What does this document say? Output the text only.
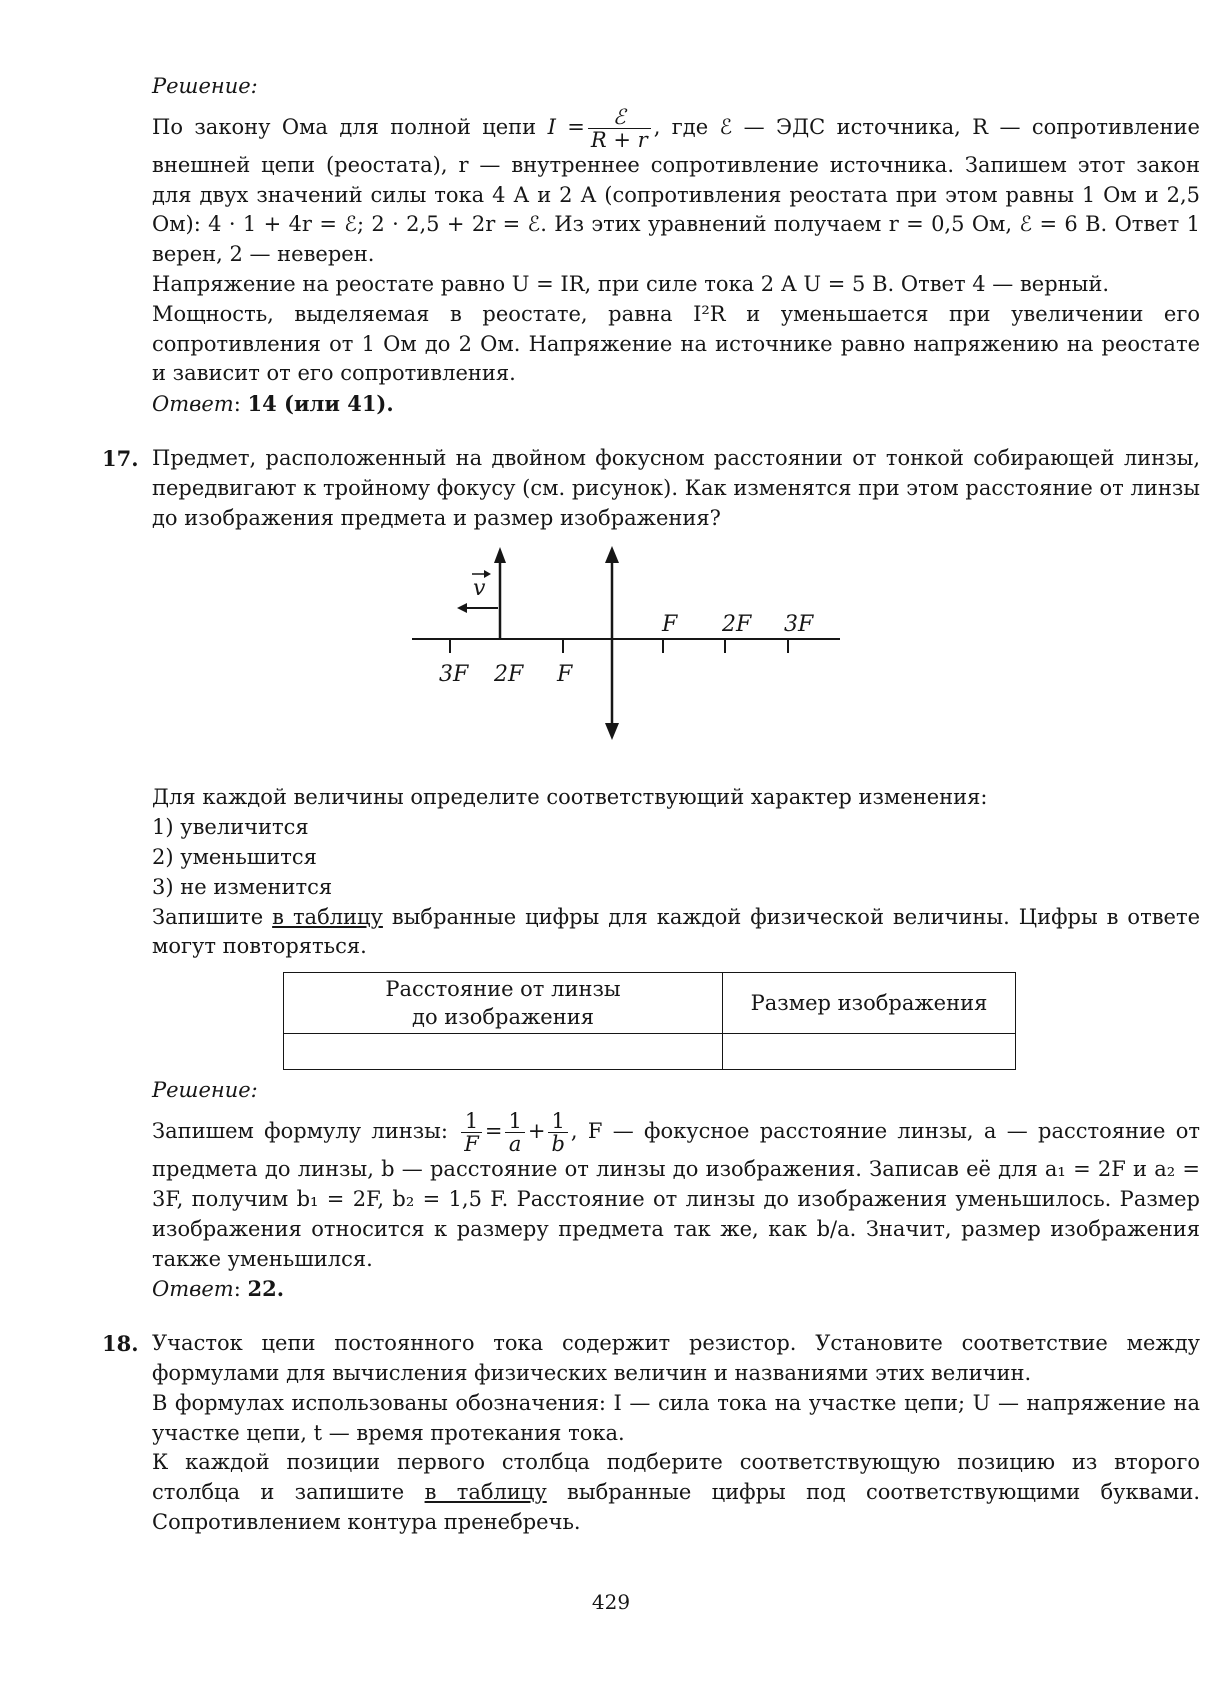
Решение:

По закону Ома для полной цепи I =	ℰ
R + r
, где ℰ — ЭДС источника, R — сопротивление внешней цепи (реостата), r — внутреннее сопротивление источника. Запишем этот закон для двух значений силы тока 4 А и 2 А (сопротивления реостата при этом равны 1 Ом и 2,5 Ом): 4 · 1 + 4r = ℰ; 2 · 2,5 + 2r = ℰ. Из этих уравнений получаем r = 0,5 Ом, ℰ = 6 В. Ответ 1 верен, 2 — неверен.

Напряжение на реостате равно U = IR, при силе тока 2 А U = 5 В. Ответ 4 — верный.

Мощность, выделяемая в реостате, равна I²R и уменьшается при увеличении его сопротивления от 1 Ом до 2 Ом. Напряжение на источнике равно напряжению на реостате и зависит от его сопротивления.

Ответ: 14 (или 41).

17. Предмет, расположенный на двойном фокусном расстоянии от тонкой собирающей линзы, передвигают к тройному фокусу (см. рисунок). Как изменятся при этом расстояние от линзы до изображения предмета и размер изображения?

v
F 2F 3F
3F 2F F

Для каждой величины определите соответствующий характер изменения:

1) увеличится
2) уменьшится
3) не изменится

Запишите в таблицу выбранные цифры для каждой физической величины. Цифры в ответе могут повторяться.

Расстояние от линзы
до изображения	Размер изображения

Решение:

Запишем формулу линзы: $\frac{1}{F} = \frac{1}{a} + \frac{1}{b}$ , F — фокусное расстояние линзы, a — расстояние от предмета до линзы, b — расстояние от линзы до изображения. Записав её для a₁ = 2F и a₂ = 3F, получим b₁ = 2F, b₂ = 1,5 F. Расстояние от линзы до изображения уменьшилось. Размер изображения относится к размеру предмета так же, как b/a. Значит, размер изображения также уменьшился.

Ответ: 22.

18. Участок цепи постоянного тока содержит резистор. Установите соответствие между формулами для вычисления физических величин и названиями этих величин.

В формулах использованы обозначения: I — сила тока на участке цепи; U — напряжение на участке цепи, t — время протекания тока.

К каждой позиции первого столбца подберите соответствующую позицию из второго столбца и запишите в таблицу выбранные цифры под соответствующими буквами. Сопротивлением контура пренебречь.

429
